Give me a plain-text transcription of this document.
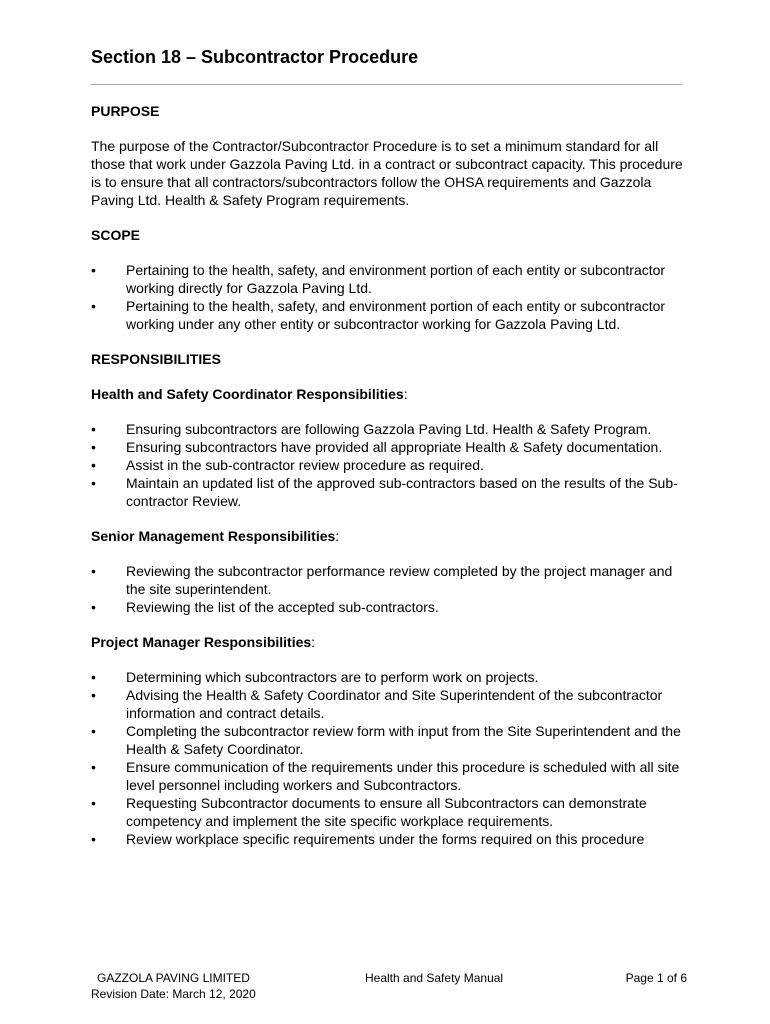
Section 18 – Subcontractor Procedure

PURPOSE

The purpose of the Contractor/Subcontractor Procedure is to set a minimum standard for all those that work under Gazzola Paving Ltd. in a contract or subcontract capacity. This procedure is to ensure that all contractors/subcontractors follow the OHSA requirements and Gazzola Paving Ltd. Health & Safety Program requirements.

SCOPE

•	Pertaining to the health, safety, and environment portion of each entity or subcontractor working directly for Gazzola Paving Ltd.
•	Pertaining to the health, safety, and environment portion of each entity or subcontractor working under any other entity or subcontractor working for Gazzola Paving Ltd.

RESPONSIBILITIES

Health and Safety Coordinator Responsibilities:

•	Ensuring subcontractors are following Gazzola Paving Ltd. Health & Safety Program.
•	Ensuring subcontractors have provided all appropriate Health & Safety documentation.
•	Assist in the sub-contractor review procedure as required.
•	Maintain an updated list of the approved sub-contractors based on the results of the Sub-contractor Review.

Senior Management Responsibilities:

•	Reviewing the subcontractor performance review completed by the project manager and the site superintendent.
•	Reviewing the list of the accepted sub-contractors.

Project Manager Responsibilities:

•	Determining which subcontractors are to perform work on projects.
•	Advising the Health & Safety Coordinator and Site Superintendent of the subcontractor information and contract details.
•	Completing the subcontractor review form with input from the Site Superintendent and the Health & Safety Coordinator.
•	Ensure communication of the requirements under this procedure is scheduled with all site level personnel including workers and Subcontractors.
•	Requesting Subcontractor documents to ensure all Subcontractors can demonstrate competency and implement the site specific workplace requirements.
•	Review workplace specific requirements under the forms required on this procedure
GAZZOLA PAVING LIMITED
Revision Date: March 12, 2020
Health and Safety Manual	Page 1 of 6
